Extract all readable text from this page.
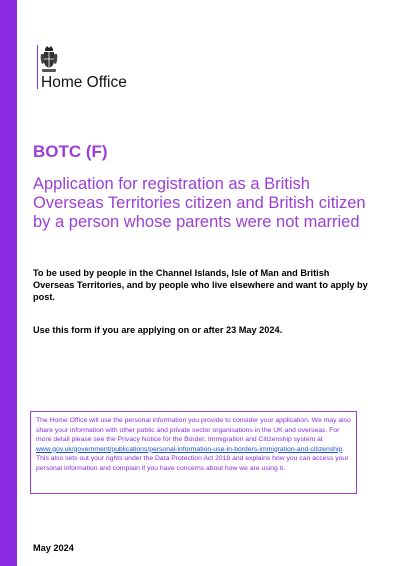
Home Office
BOTC (F)
Application for registration as a British Overseas Territories citizen and British citizen by a person whose parents were not married
To be used by people in the Channel Islands, Isle of Man and British Overseas Territories, and by people who live elsewhere and want to apply by post.
Use this form if you are applying on or after 23 May 2024.
The Home Office will use the personal information you provide to consider your application. We may also share your information with other public and private sector organisations in the UK and overseas. For more detail please see the Privacy Notice for the Border, Immigration and Citizenship system at www.gov.uk/government/publications/personal-information-use-in-borders-immigration-and-citizenship. This also sets out your rights under the Data Protection Act 2018 and explains how you can access your personal information and complain if you have concerns about how we are using it.
May 2024
